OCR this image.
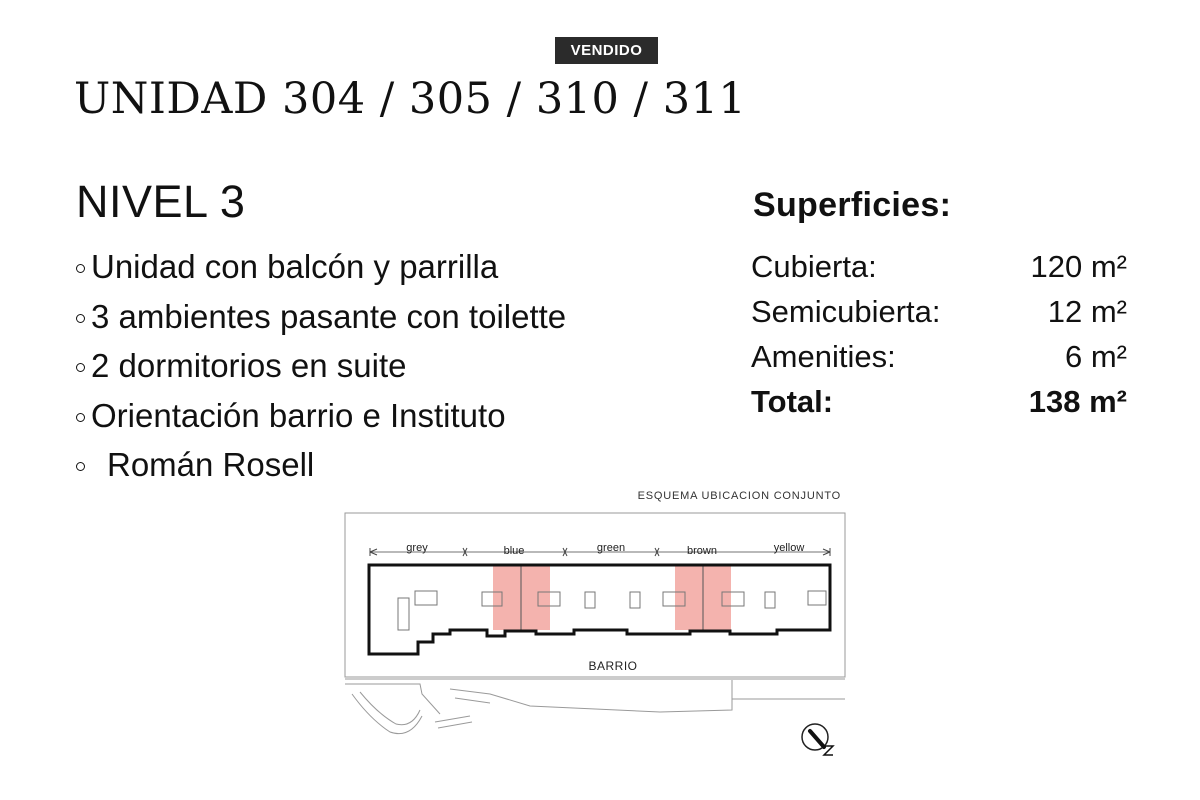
VENDIDO
UNIDAD 304 / 305 / 310 / 311
NIVEL 3
Unidad con balcón y parrilla
3 ambientes pasante con toilette
2 dormitorios en suite
Orientación barrio e Instituto
Román Rosell
Superficies:
Cubierta:	120 m²
Semicubierta:	12 m²
Amenities:	6 m²
Total:	138 m²
ESQUEMA UBICACION CONJUNTO
grey	blue	green	brown	yellow
BARRIO
